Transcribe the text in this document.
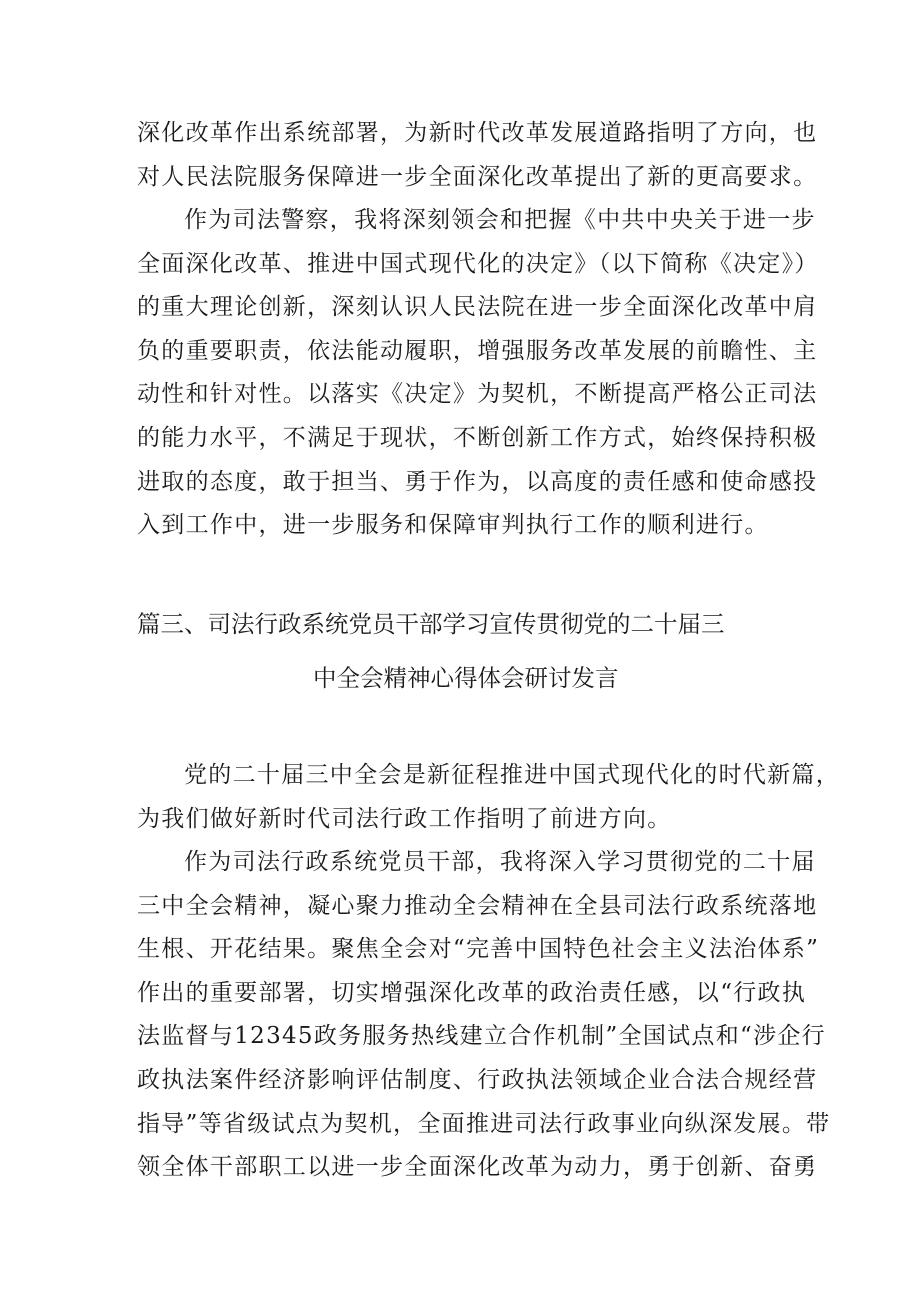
深化改革作出系统部署，为新时代改革发展道路指明了方向，也
对人民法院服务保障进一步全面深化改革提出了新的更高要求。
作为司法警察，我将深刻领会和把握《中共中央关于进一步
全面深化改革、推进中国式现代化的决定》（以下简称《决定》）
的重大理论创新，深刻认识人民法院在进一步全面深化改革中肩
负的重要职责，依法能动履职，增强服务改革发展的前瞻性、主
动性和针对性。以落实《决定》为契机，不断提高严格公正司法
的能力水平，不满足于现状，不断创新工作方式，始终保持积极
进取的态度，敢于担当、勇于作为，以高度的责任感和使命感投
入到工作中，进一步服务和保障审判执行工作的顺利进行。
篇三、司法行政系统党员干部学习宣传贯彻党的二十届三
中全会精神心得体会研讨发言
党的二十届三中全会是新征程推进中国式现代化的时代新篇，
为我们做好新时代司法行政工作指明了前进方向。
作为司法行政系统党员干部，我将深入学习贯彻党的二十届
三中全会精神，凝心聚力推动全会精神在全县司法行政系统落地
生根、开花结果。聚焦全会对“完善中国特色社会主义法治体系”
作出的重要部署，切实增强深化改革的政治责任感，以“行政执
法监督与12345政务服务热线建立合作机制”全国试点和“涉企行
政执法案件经济影响评估制度、行政执法领域企业合法合规经营
指导”等省级试点为契机，全面推进司法行政事业向纵深发展。带
领全体干部职工以进一步全面深化改革为动力，勇于创新、奋勇
